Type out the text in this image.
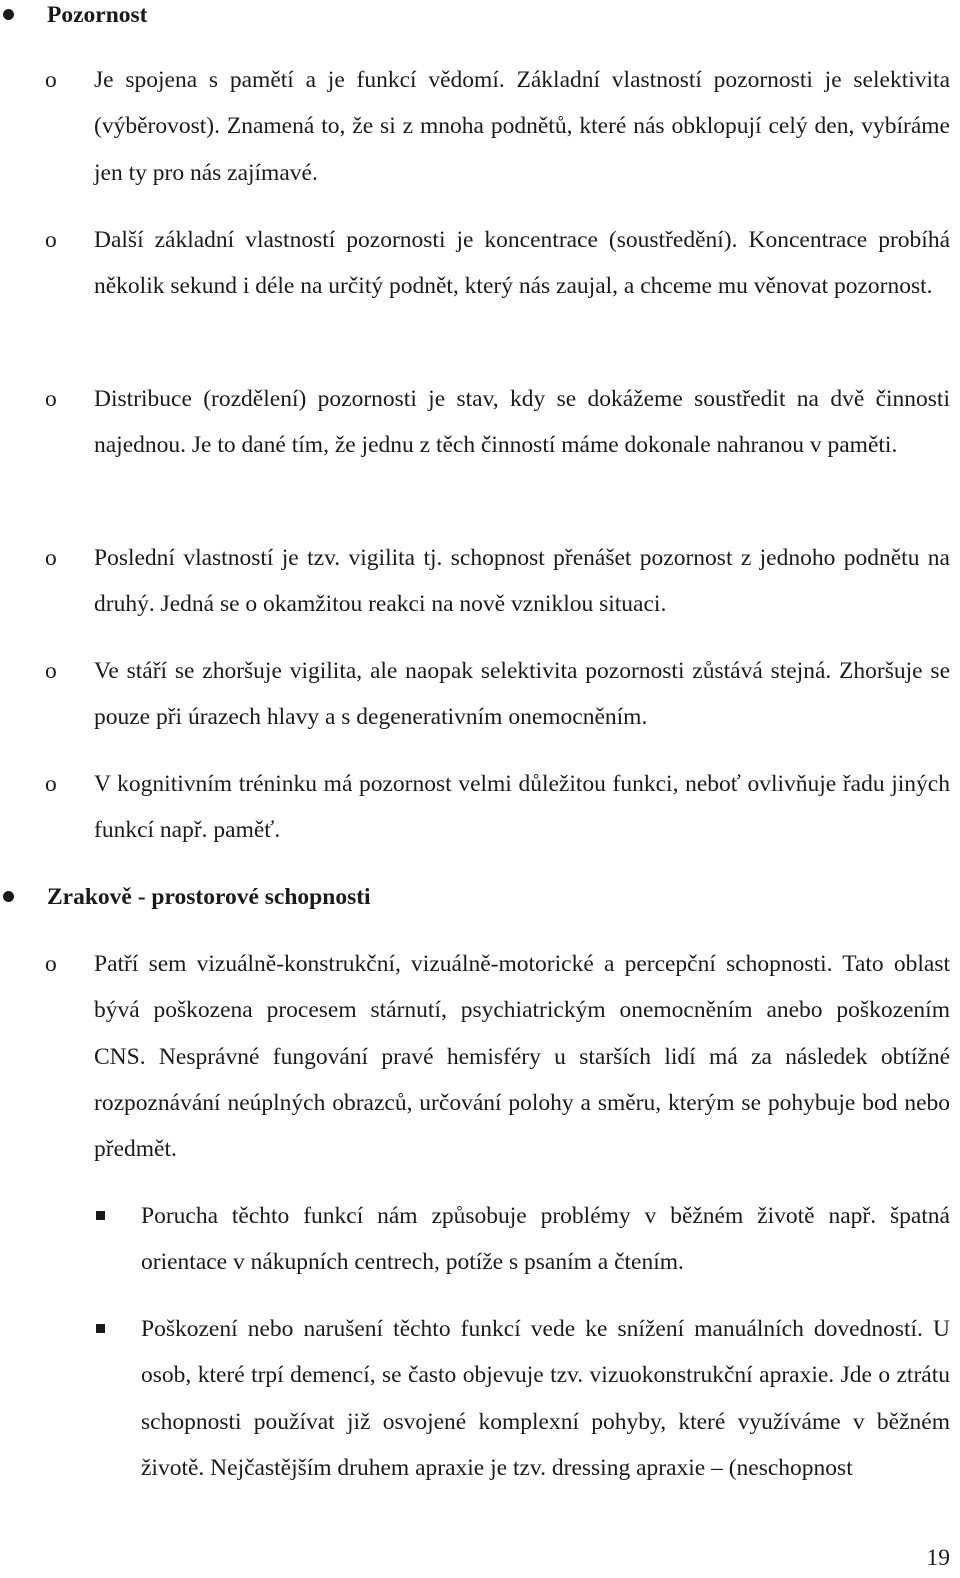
Pozornost
o Je spojena s pamětí a je funkcí vědomí. Základní vlastností pozornosti je selektivita (výběrovost). Znamená to, že si z mnoha podnětů, které nás obklopují celý den, vybíráme jen ty pro nás zajímavé.
o Další základní vlastností pozornosti je koncentrace (soustředění). Koncentrace probíhá několik sekund i déle na určitý podnět, který nás zaujal, a chceme mu věnovat pozornost.
o Distribuce (rozdělení) pozornosti je stav, kdy se dokážeme soustředit na dvě činnosti najednou. Je to dané tím, že jednu z těch činností máme dokonale nahranou v paměti.
o Poslední vlastností je tzv. vigilita tj. schopnost přenášet pozornost z jednoho podnětu na druhý. Jedná se o okamžitou reakci na nově vzniklou situaci.
o Ve stáří se zhoršuje vigilita, ale naopak selektivita pozornosti zůstává stejná. Zhoršuje se pouze při úrazech hlavy a s degenerativním onemocněním.
o V kognitivním tréninku má pozornost velmi důležitou funkci, neboť ovlivňuje řadu jiných funkcí např. paměť.
Zrakově - prostorové schopnosti
o Patří sem vizuálně-konstrukční, vizuálně-motorické a percepční schopnosti. Tato oblast bývá poškozena procesem stárnutí, psychiatrickým onemocněním anebo poškozením CNS. Nesprávné fungování pravé hemisféry u starších lidí má za následek obtížné rozpoznávání neúplných obrazců, určování polohy a směru, kterým se pohybuje bod nebo předmět.
Porucha těchto funkcí nám způsobuje problémy v běžném životě např. špatná orientace v nákupních centrech, potíže s psaním a čtením.
Poškození nebo narušení těchto funkcí vede ke snížení manuálních dovedností. U osob, které trpí demencí, se často objevuje tzv. vizuokonstrukční apraxie. Jde o ztrátu schopnosti používat již osvojené komplexní pohyby, které využíváme v běžném životě. Nejčastějším druhem apraxie je tzv. dressing apraxie – (neschopnost
19
